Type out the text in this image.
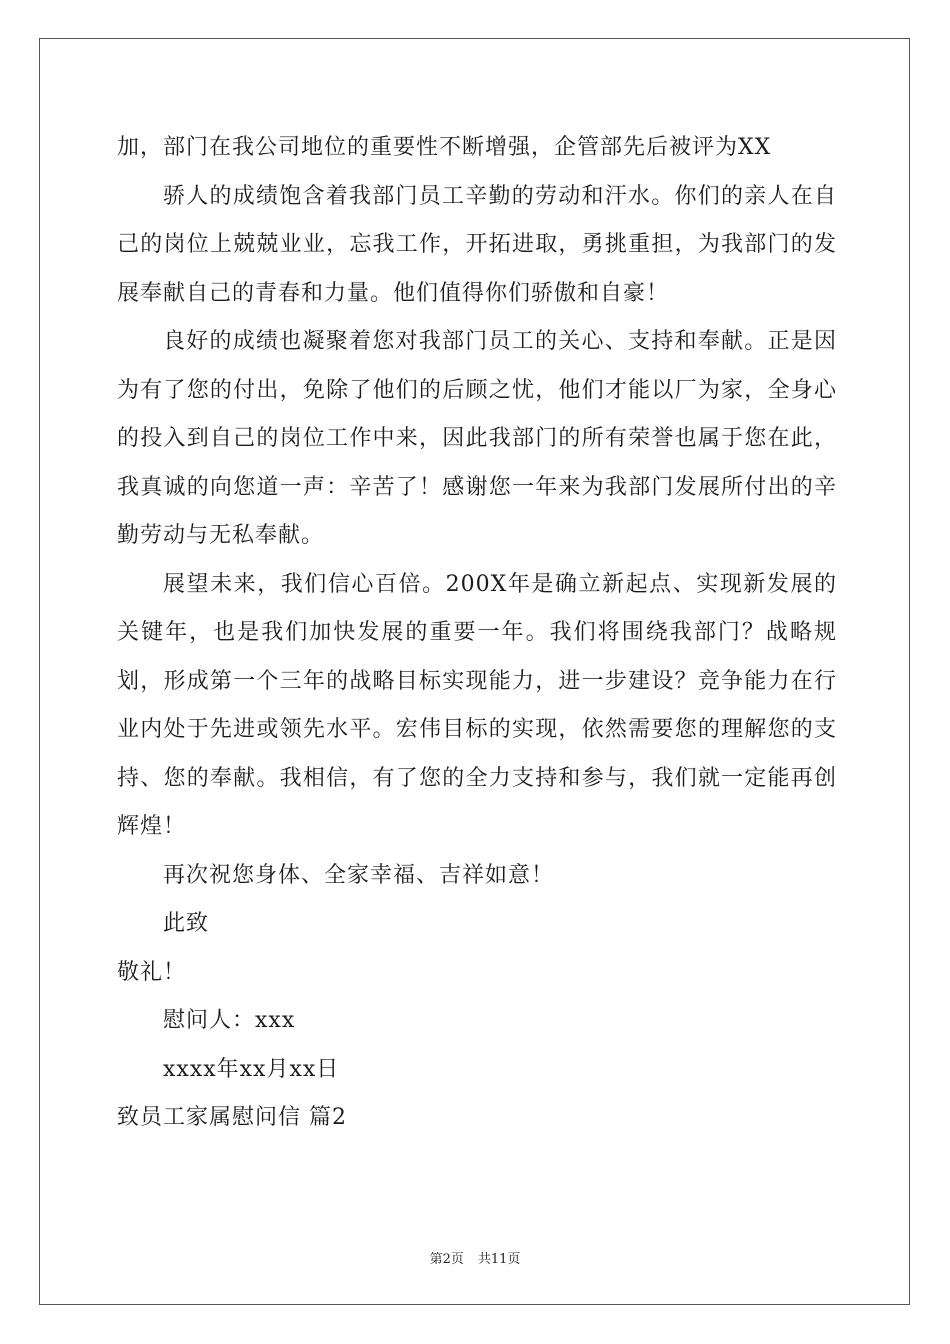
加，部门在我公司地位的重要性不断增强，企管部先后被评为XX

骄人的成绩饱含着我部门员工辛勤的劳动和汗水。你们的亲人在自己的岗位上兢兢业业，忘我工作，开拓进取，勇挑重担，为我部门的发展奉献自己的青春和力量。他们值得你们骄傲和自豪！

良好的成绩也凝聚着您对我部门员工的关心、支持和奉献。正是因为有了您的付出，免除了他们的后顾之忧，他们才能以厂为家，全身心的投入到自己的岗位工作中来，因此我部门的所有荣誉也属于您在此，我真诚的向您道一声：辛苦了！感谢您一年来为我部门发展所付出的辛勤劳动与无私奉献。

展望未来，我们信心百倍。200X年是确立新起点、实现新发展的关键年，也是我们加快发展的重要一年。我们将围绕我部门？战略规划，形成第一个三年的战略目标实现能力，进一步建设？竞争能力在行业内处于先进或领先水平。宏伟目标的实现，依然需要您的理解您的支持、您的奉献。我相信，有了您的全力支持和参与，我们就一定能再创辉煌！

再次祝您身体、全家幸福、吉祥如意！

此致

敬礼！

慰问人：xxx

xxxx年xx月xx日

致员工家属慰问信 篇2

第2页 共11页
